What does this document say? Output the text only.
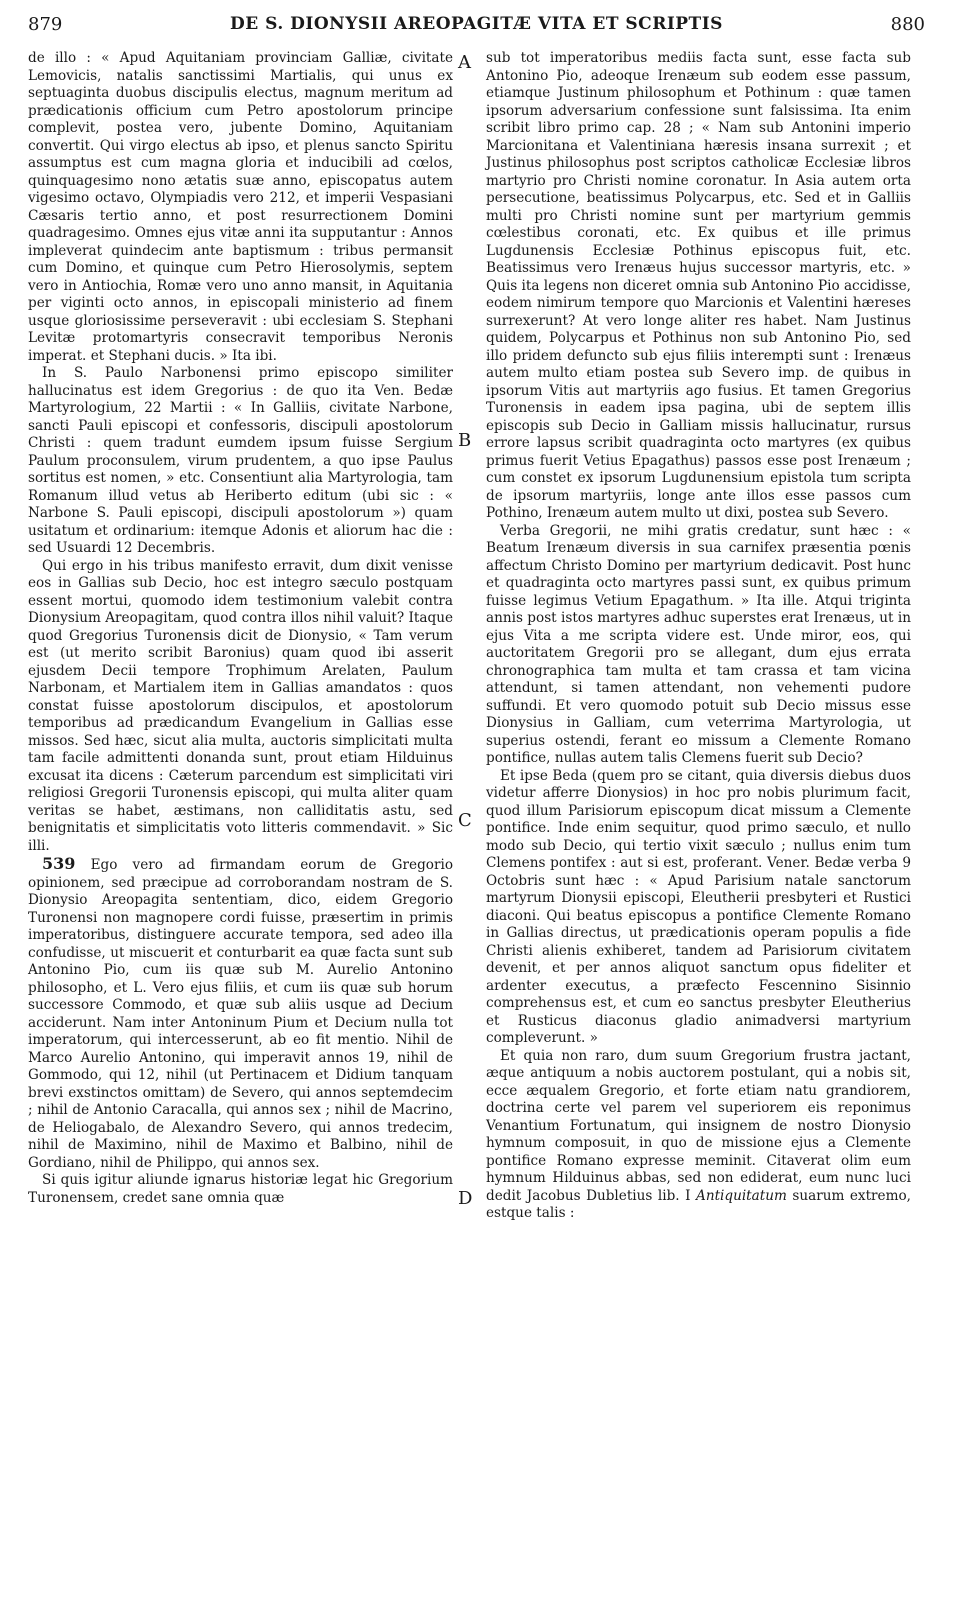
879	DE S. DIONYSII AREOPAGITÆ VITA ET SCRIPTIS	880
A
B
C
D

de illo : « Apud Aquitaniam provinciam Galliæ, civitate Lemovicis, natalis sanctissimi Martialis, qui unus ex septuaginta duobus discipulis electus, magnum meritum ad prædicationis officium cum Petro apostolorum principe complevit, postea vero, jubente Domino, Aquitaniam convertit. Qui virgo electus ab ipso, et plenus sancto Spiritu assumptus est cum magna gloria et inducibili ad cœlos, quinquagesimo nono ætatis suæ anno, episcopatus autem vigesimo octavo, Olympiadis vero 212, et imperii Vespasiani Cæsaris tertio anno, et post resurrectionem Domini quadragesimo. Omnes ejus vitæ anni ita supputantur : Annos impleverat quindecim ante baptismum : tribus permansit cum Domino, et quinque cum Petro Hierosolymis, septem vero in Antiochia, Romæ vero uno anno mansit, in Aquitania per viginti octo annos, in episcopali ministerio ad finem usque gloriosissime perseveravit : ubi ecclesiam S. Stephani Levitæ protomartyris consecravit temporibus Neronis imperat. et Stephani ducis. » Ita ibi.

In S. Paulo Narbonensi primo episcopo similiter hallucinatus est idem Gregorius : de quo ita Ven. Bedæ Martyrologium, 22 Martii : « In Galliis, civitate Narbone, sancti Pauli episcopi et confessoris, discipuli apostolorum Christi : quem tradunt eumdem ipsum fuisse Sergium Paulum proconsulem, virum prudentem, a quo ipse Paulus sortitus est nomen, » etc. Consentiunt alia Martyrologia, tam Romanum illud vetus ab Heriberto editum (ubi sic : « Narbone S. Pauli episcopi, discipuli apostolorum ») quam usitatum et ordinarium: itemque Adonis et aliorum hac die : sed Usuardi 12 Decembris.

Qui ergo in his tribus manifesto erravit, dum dixit venisse eos in Gallias sub Decio, hoc est integro sæculo postquam essent mortui, quomodo idem testimonium valebit contra Dionysium Areopagitam, quod contra illos nihil valuit? Itaque quod Gregorius Turonensis dicit de Dionysio, « Tam verum est (ut merito scribit Baronius) quam quod ibi asserit ejusdem Decii tempore Trophimum Arelaten, Paulum Narbonam, et Martialem item in Gallias amandatos : quos constat fuisse apostolorum discipulos, et apostolorum temporibus ad prædicandum Evangelium in Gallias esse missos. Sed hæc, sicut alia multa, auctoris simplicitati multa tam facile admittenti donanda sunt, prout etiam Hilduinus excusat ita dicens : Cæterum parcendum est simplicitati viri religiosi Gregorii Turonensis episcopi, qui multa aliter quam veritas se habet, æstimans, non calliditatis astu, sed benignitatis et simplicitatis voto litteris commendavit. » Sic illi.

539 Ego vero ad firmandam eorum de Gregorio opinionem, sed præcipue ad corroborandam nostram de S. Dionysio Areopagita sententiam, dico, eidem Gregorio Turonensi non magnopere cordi fuisse, præsertim in primis imperatoribus, distinguere accurate tempora, sed adeo illa confudisse, ut miscuerit et conturbarit ea quæ facta sunt sub Antonino Pio, cum iis quæ sub M. Aurelio Antonino philosopho, et L. Vero ejus filiis, et cum iis quæ sub horum successore Commodo, et quæ sub aliis usque ad Decium acciderunt. Nam inter Antoninum Pium et Decium nulla tot imperatorum, qui intercesserunt, ab eo fit mentio. Nihil de Marco Aurelio Antonino, qui imperavit annos 19, nihil de Gommodo, qui 12, nihil (ut Pertinacem et Didium tanquam brevi exstinctos omittam) de Severo, qui annos septemdecim ; nihil de Antonio Caracalla, qui annos sex ; nihil de Macrino, de Heliogabalo, de Alexandro Severo, qui annos tredecim, nihil de Maximino, nihil de Maximo et Balbino, nihil de Gordiano, nihil de Philippo, qui annos sex.

Si quis igitur aliunde ignarus historiæ legat hic Gregorium Turonensem, credet sane omnia quæ

sub tot imperatoribus mediis facta sunt, esse facta sub Antonino Pio, adeoque Irenæum sub eodem esse passum, etiamque Justinum philosophum et Pothinum : quæ tamen ipsorum adversarium confessione sunt falsissima. Ita enim scribit libro primo cap. 28 ; « Nam sub Antonini imperio Marcionitana et Valentiniana hæresis insana surrexit ; et Justinus philosophus post scriptos catholicæ Ecclesiæ libros martyrio pro Christi nomine coronatur. In Asia autem orta persecutione, beatissimus Polycarpus, etc. Sed et in Galliis multi pro Christi nomine sunt per martyrium gemmis cœlestibus coronati, etc. Ex quibus et ille primus Lugdunensis Ecclesiæ Pothinus episcopus fuit, etc. Beatissimus vero Irenæus hujus successor martyris, etc. » Quis ita legens non diceret omnia sub Antonino Pio accidisse, eodem nimirum tempore quo Marcionis et Valentini hæreses surrexerunt? At vero longe aliter res habet. Nam Justinus quidem, Polycarpus et Pothinus non sub Antonino Pio, sed illo pridem defuncto sub ejus filiis interempti sunt : Irenæus autem multo etiam postea sub Severo imp. de quibus in ipsorum Vitis aut martyriis ago fusius. Et tamen Gregorius Turonensis in eadem ipsa pagina, ubi de septem illis episcopis sub Decio in Galliam missis hallucinatur, rursus errore lapsus scribit quadraginta octo martyres (ex quibus primus fuerit Vetius Epagathus) passos esse post Irenæum ; cum constet ex ipsorum Lugdunensium epistola tum scripta de ipsorum martyriis, longe ante illos esse passos cum Pothino, Irenæum autem multo ut dixi, postea sub Severo.

Verba Gregorii, ne mihi gratis credatur, sunt hæc : « Beatum Irenæum diversis in sua carnifex præsentia pœnis affectum Christo Domino per martyrium dedicavit. Post hunc et quadraginta octo martyres passi sunt, ex quibus primum fuisse legimus Vetium Epagathum. » Ita ille. Atqui triginta annis post istos martyres adhuc superstes erat Irenæus, ut in ejus Vita a me scripta videre est. Unde miror, eos, qui auctoritatem Gregorii pro se allegant, dum ejus errata chronographica tam multa et tam crassa et tam vicina attendunt, si tamen attendant, non vehementi pudore suffundi. Et vero quomodo potuit sub Decio missus esse Dionysius in Galliam, cum veterrima Martyrologia, ut superius ostendi, ferant eo missum a Clemente Romano pontifice, nullas autem talis Clemens fuerit sub Decio?

Et ipse Beda (quem pro se citant, quia diversis diebus duos videtur afferre Dionysios) in hoc pro nobis plurimum facit, quod illum Parisiorum episcopum dicat missum a Clemente pontifice. Inde enim sequitur, quod primo sæculo, et nullo modo sub Decio, qui tertio vixit sæculo ; nullus enim tum Clemens pontifex : aut si est, proferant. Vener. Bedæ verba 9 Octobris sunt hæc : « Apud Parisium natale sanctorum martyrum Dionysii episcopi, Eleutherii presbyteri et Rustici diaconi. Qui beatus episcopus a pontifice Clemente Romano in Gallias directus, ut prædicationis operam populis a fide Christi alienis exhiberet, tandem ad Parisiorum civitatem devenit, et per annos aliquot sanctum opus fideliter et ardenter executus, a præfecto Fescennino Sisinnio comprehensus est, et cum eo sanctus presbyter Eleutherius et Rusticus diaconus gladio animadversi martyrium compleverunt. »

Et quia non raro, dum suum Gregorium frustra jactant, æque antiquum a nobis auctorem postulant, qui a nobis sit, ecce æqualem Gregorio, et forte etiam natu grandiorem, doctrina certe vel parem vel superiorem eis reponimus Venantium Fortunatum, qui insignem de nostro Dionysio hymnum composuit, in quo de missione ejus a Clemente pontifice Romano expresse meminit. Citaverat olim eum hymnum Hilduinus abbas, sed non ediderat, eum nunc luci dedit Jacobus Dubletius lib. I Antiquitatum suarum extremo, estque talis :
